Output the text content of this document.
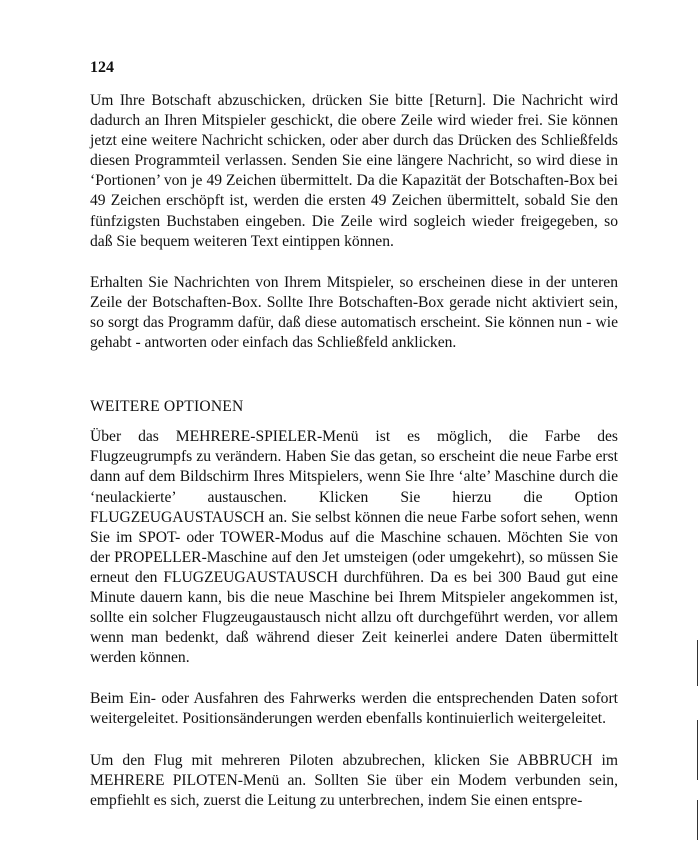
124

Um Ihre Botschaft abzuschicken, drücken Sie bitte [Return]. Die Nachricht wird dadurch an Ihren Mitspieler geschickt, die obere Zeile wird wieder frei. Sie können jetzt eine weitere Nachricht schicken, oder aber durch das Drücken des Schließfelds diesen Programmteil verlassen. Senden Sie eine längere Nachricht, so wird diese in ‘Portionen’ von je 49 Zeichen übermittelt. Da die Kapazität der Botschaften-Box bei 49 Zeichen erschöpft ist, werden die ersten 49 Zeichen übermittelt, sobald Sie den fünfzigsten Buchstaben eingeben. Die Zeile wird sogleich wieder freigegeben, so daß Sie bequem weiteren Text eintippen können.

Erhalten Sie Nachrichten von Ihrem Mitspieler, so erscheinen diese in der unteren Zeile der Botschaften-Box. Sollte Ihre Botschaften-Box gerade nicht aktiviert sein, so sorgt das Programm dafür, daß diese automatisch erscheint. Sie können nun - wie gehabt - antworten oder einfach das Schließfeld anklicken.

WEITERE OPTIONEN

Über das MEHRERE-SPIELER-Menü ist es möglich, die Farbe des Flugzeugrumpfs zu verändern. Haben Sie das getan, so erscheint die neue Farbe erst dann auf dem Bildschirm Ihres Mitspielers, wenn Sie Ihre ‘alte’ Maschine durch die ‘neulackierte’ austauschen. Klicken Sie hierzu die Option FLUGZEUGAUSTAUSCH an. Sie selbst können die neue Farbe sofort sehen, wenn Sie im SPOT- oder TOWER-Modus auf die Maschine schauen. Möchten Sie von der PROPELLER-Maschine auf den Jet umsteigen (oder umgekehrt), so müssen Sie erneut den FLUGZEUGAUSTAUSCH durchführen. Da es bei 300 Baud gut eine Minute dauern kann, bis die neue Maschine bei Ihrem Mitspieler angekommen ist, sollte ein solcher Flugzeugaustausch nicht allzu oft durchgeführt werden, vor allem wenn man bedenkt, daß während dieser Zeit keinerlei andere Daten übermittelt werden können.

Beim Ein- oder Ausfahren des Fahrwerks werden die entsprechenden Daten sofort weitergeleitet. Positionsänderungen werden ebenfalls kontinuierlich weitergeleitet.

Um den Flug mit mehreren Piloten abzubrechen, klicken Sie ABBRUCH im MEHRERE PILOTEN-Menü an. Sollten Sie über ein Modem verbunden sein, empfiehlt es sich, zuerst die Leitung zu unterbrechen, indem Sie einen entspre-
